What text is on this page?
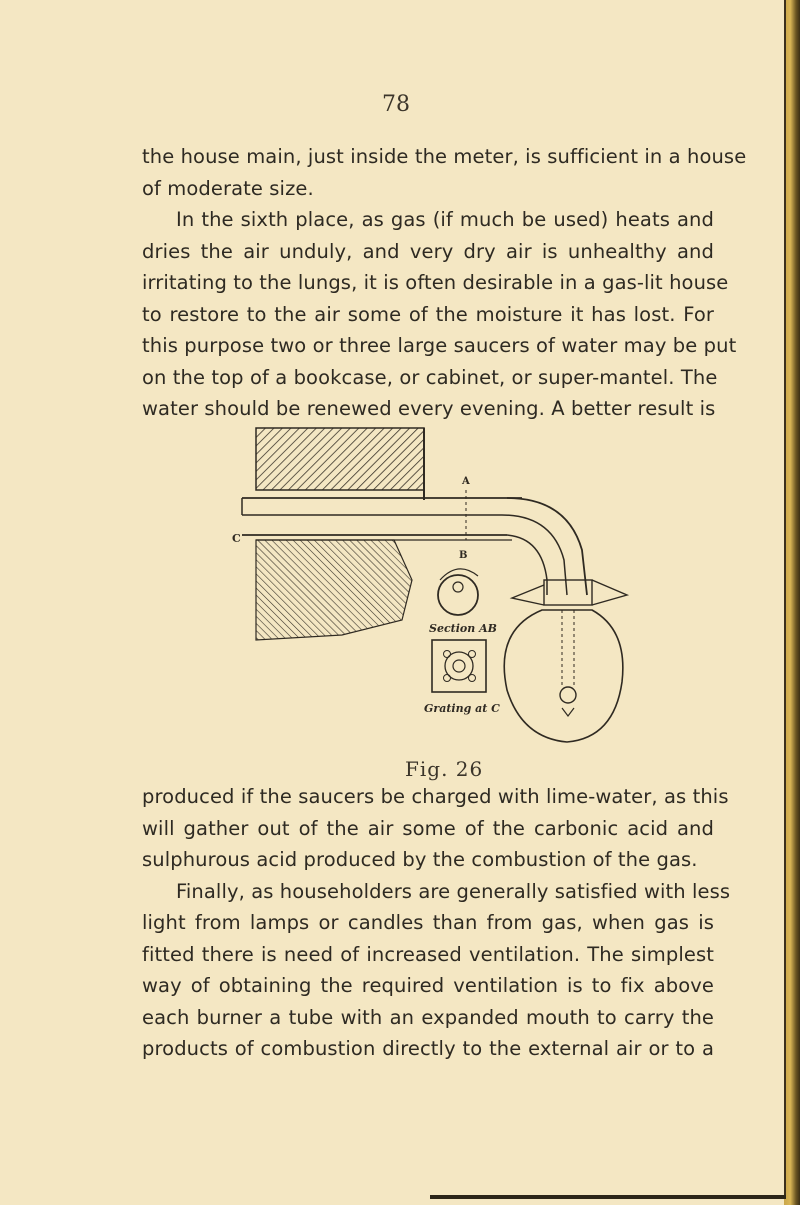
78
the house main, just inside the meter, is sufficient in a house
of moderate size.
In the sixth place, as gas (if much be used) heats and
dries the air unduly, and very dry air is unhealthy and
irritating to the lungs, it is often desirable in a gas-lit house
to restore to the air some of the moisture it has lost. For
this purpose two or three large saucers of water may be put
on the top of a bookcase, or cabinet, or super-mantel. The
water should be renewed every evening. A better result is
A
B
C
Section AB
Grating at C
Fig. 26
produced if the saucers be charged with lime-water, as this
will gather out of the air some of the carbonic acid and
sulphurous acid produced by the combustion of the gas.
Finally, as householders are generally satisfied with less
light from lamps or candles than from gas, when gas is
fitted there is need of increased ventilation. The simplest
way of obtaining the required ventilation is to fix above
each burner a tube with an expanded mouth to carry the
products of combustion directly to the external air or to a
